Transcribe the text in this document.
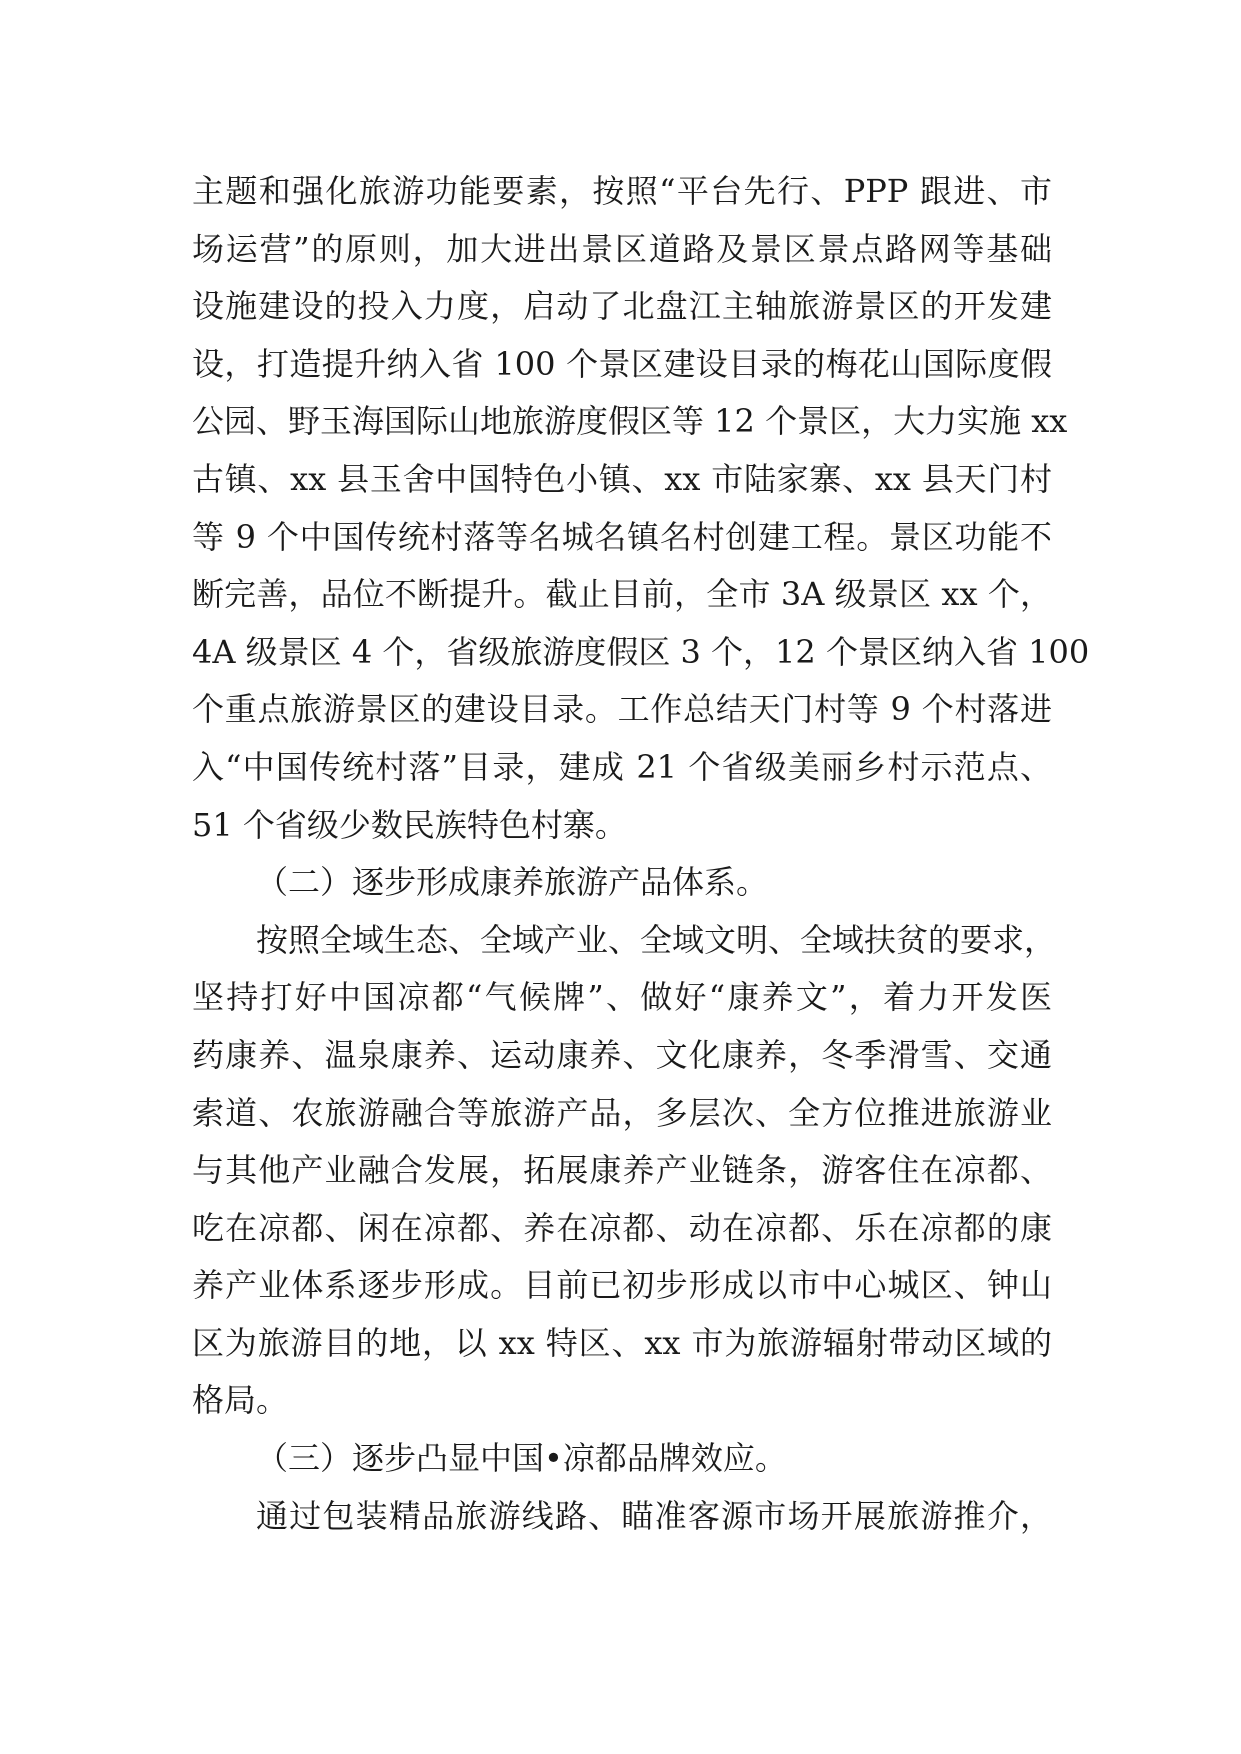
主题和强化旅游功能要素，按照“平台先行、PPP 跟进、市
场运营”的原则，加大进出景区道路及景区景点路网等基础
设施建设的投入力度，启动了北盘江主轴旅游景区的开发建
设，打造提升纳入省 100 个景区建设目录的梅花山国际度假
公园、野玉海国际山地旅游度假区等 12 个景区，大力实施 xx
古镇、xx 县玉舍中国特色小镇、xx 市陆家寨、xx 县天门村
等 9 个中国传统村落等名城名镇名村创建工程。景区功能不
断完善，品位不断提升。截止目前，全市 3A 级景区 xx 个，
4A 级景区 4 个，省级旅游度假区 3 个，12 个景区纳入省 100
个重点旅游景区的建设目录。工作总结天门村等 9 个村落进
入“中国传统村落”目录，建成 21 个省级美丽乡村示范点、
51 个省级少数民族特色村寨。
（二）逐步形成康养旅游产品体系。
按照全域生态、全域产业、全域文明、全域扶贫的要求，
坚持打好中国凉都“气候牌”、做好“康养文”，着力开发医
药康养、温泉康养、运动康养、文化康养，冬季滑雪、交通
索道、农旅游融合等旅游产品，多层次、全方位推进旅游业
与其他产业融合发展，拓展康养产业链条，游客住在凉都、
吃在凉都、闲在凉都、养在凉都、动在凉都、乐在凉都的康
养产业体系逐步形成。目前已初步形成以市中心城区、钟山
区为旅游目的地，以 xx 特区、xx 市为旅游辐射带动区域的
格局。
（三）逐步凸显中国•凉都品牌效应。
通过包装精品旅游线路、瞄准客源市场开展旅游推介，
